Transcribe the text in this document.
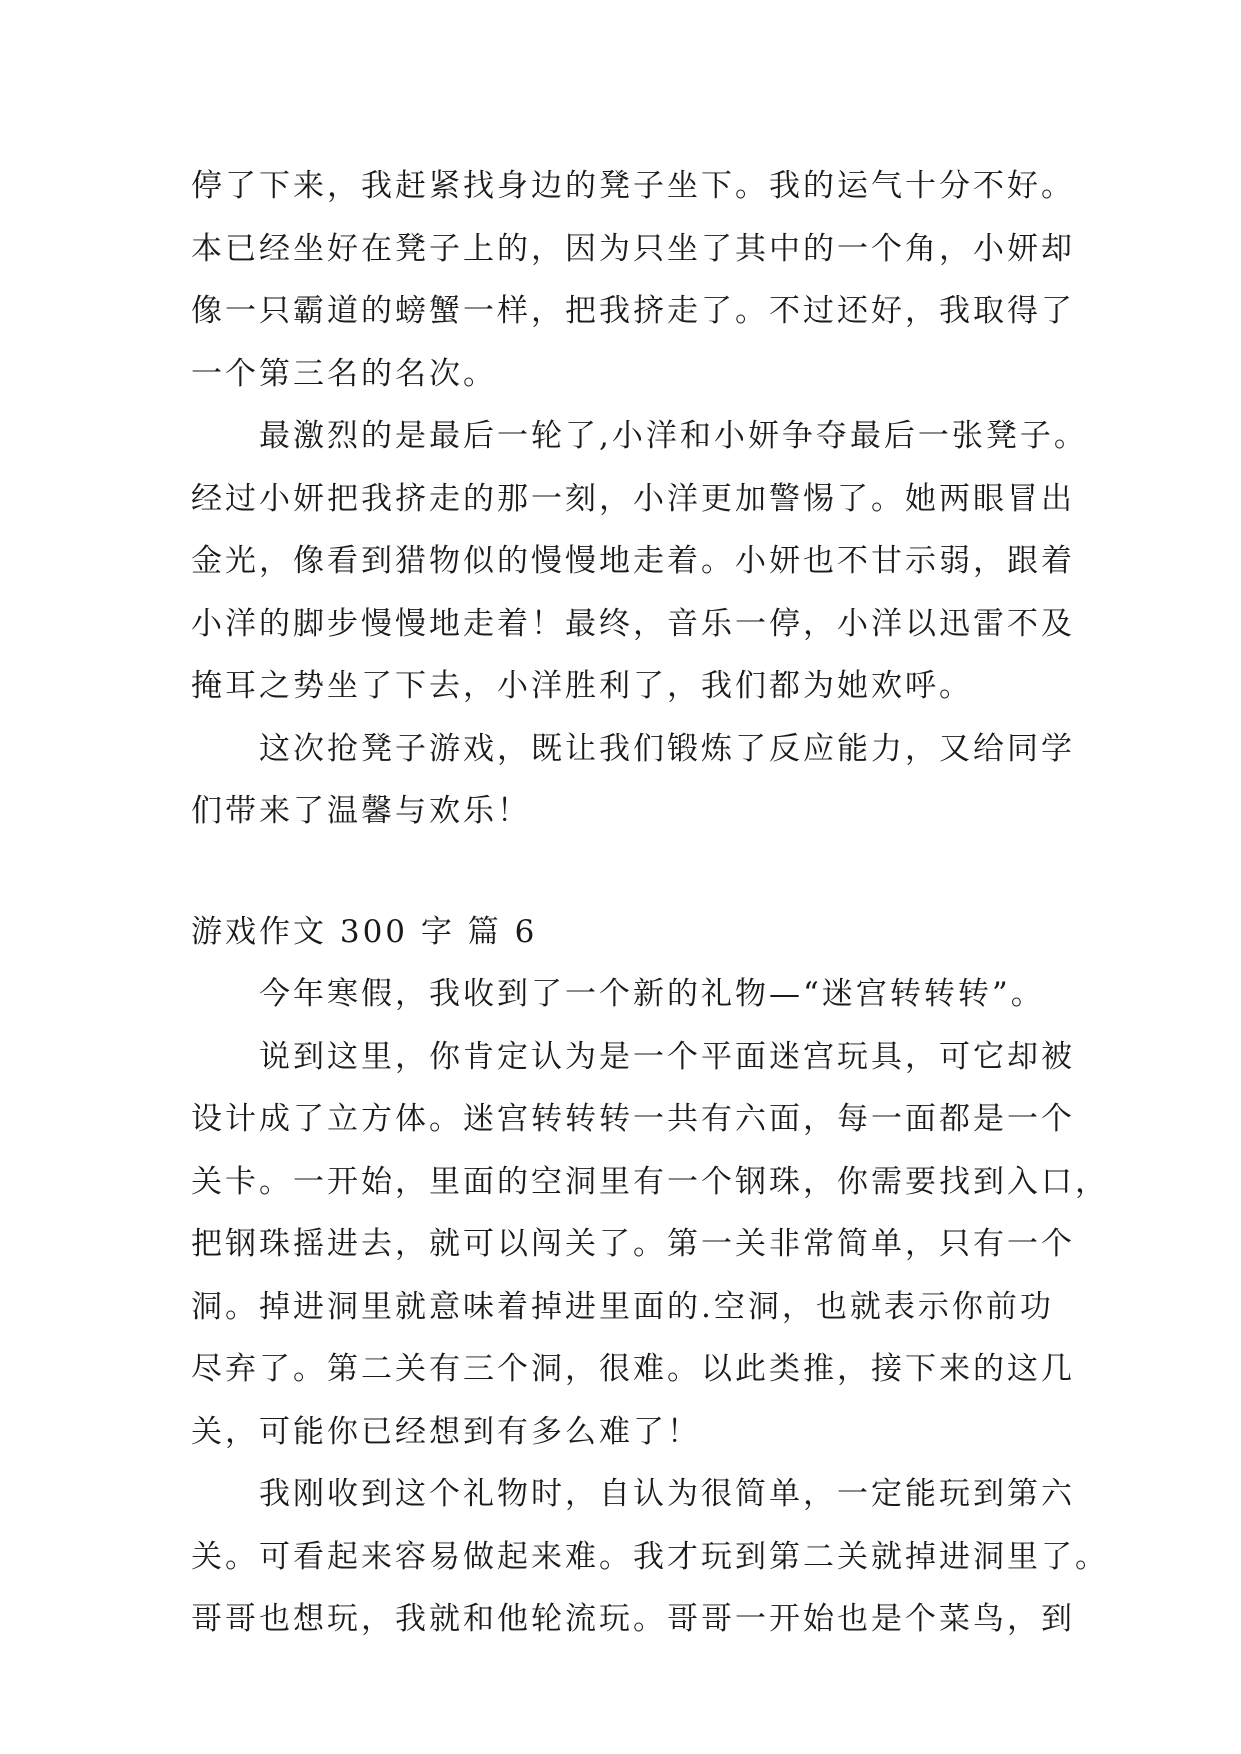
停了下来，我赶紧找身边的凳子坐下。我的运气十分不好。
本已经坐好在凳子上的，因为只坐了其中的一个角，小妍却
像一只霸道的螃蟹一样，把我挤走了。不过还好，我取得了
一个第三名的名次。
最激烈的是最后一轮了,小洋和小妍争夺最后一张凳子。
经过小妍把我挤走的那一刻，小洋更加警惕了。她两眼冒出
金光，像看到猎物似的慢慢地走着。小妍也不甘示弱，跟着
小洋的脚步慢慢地走着！最终，音乐一停，小洋以迅雷不及
掩耳之势坐了下去，小洋胜利了，我们都为她欢呼。
这次抢凳子游戏，既让我们锻炼了反应能力，又给同学
们带来了温馨与欢乐！
游戏作文 300 字 篇 6
今年寒假，我收到了一个新的礼物—“迷宫转转转”。
说到这里，你肯定认为是一个平面迷宫玩具，可它却被
设计成了立方体。迷宫转转转一共有六面，每一面都是一个
关卡。一开始，里面的空洞里有一个钢珠，你需要找到入口，
把钢珠摇进去，就可以闯关了。第一关非常简单，只有一个
洞。掉进洞里就意味着掉进里面的.空洞，也就表示你前功
尽弃了。第二关有三个洞，很难。以此类推，接下来的这几
关，可能你已经想到有多么难了！
我刚收到这个礼物时，自认为很简单，一定能玩到第六
关。可看起来容易做起来难。我才玩到第二关就掉进洞里了。
哥哥也想玩，我就和他轮流玩。哥哥一开始也是个菜鸟，到
